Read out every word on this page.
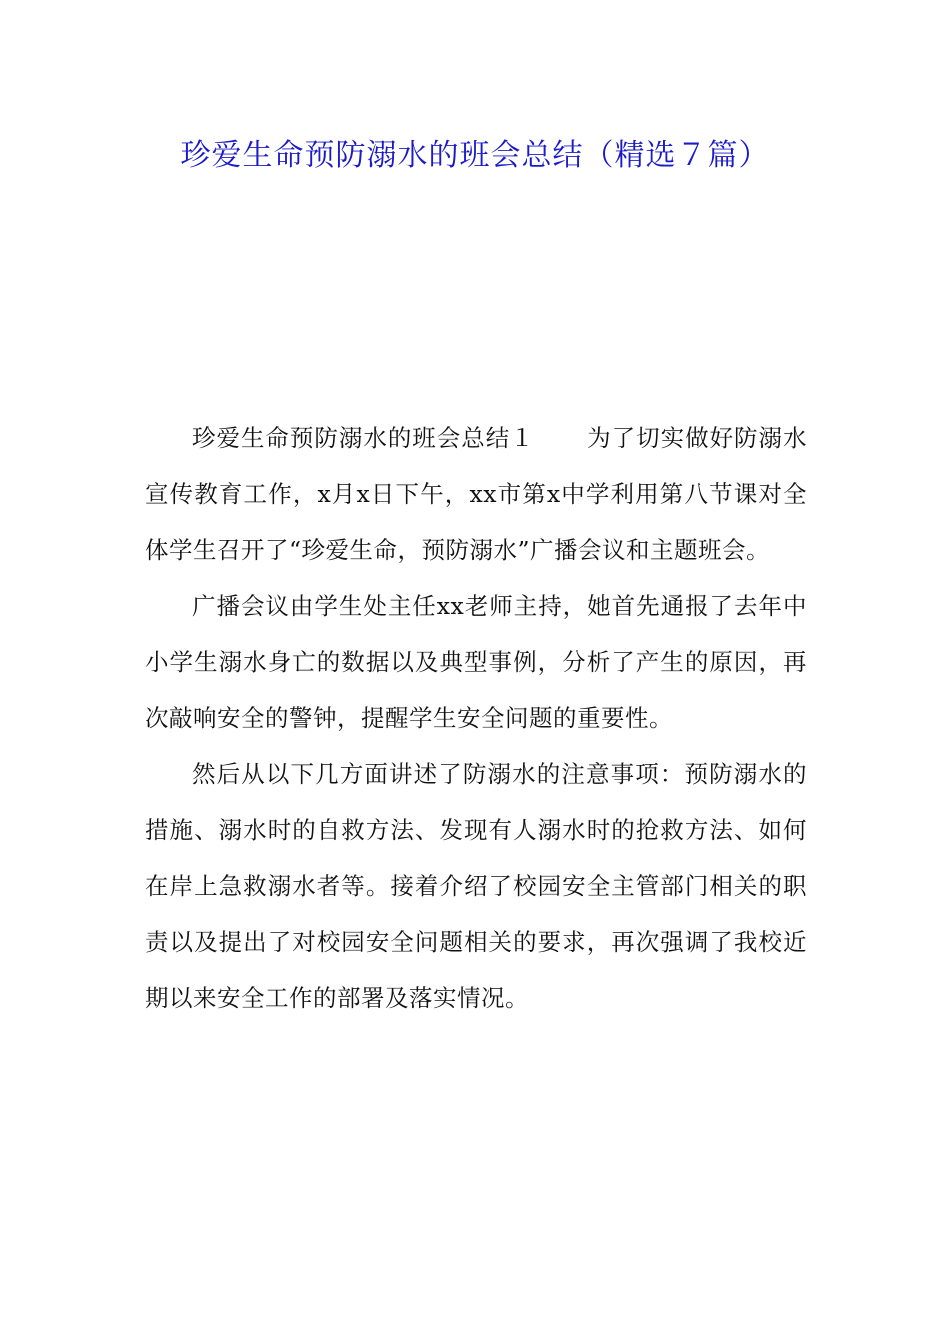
珍爱生命预防溺水的班会总结（精选７篇）

珍爱生命预防溺水的班会总结１ 为了切实做好防溺水宣传教育工作，x月x日下午，xx市第x中学利用第八节课对全体学生召开了“珍爱生命，预防溺水”广播会议和主题班会。

广播会议由学生处主任xx老师主持，她首先通报了去年中小学生溺水身亡的数据以及典型事例，分析了产生的原因，再次敲响安全的警钟，提醒学生安全问题的重要性。

然后从以下几方面讲述了防溺水的注意事项：预防溺水的措施、溺水时的自救方法、发现有人溺水时的抢救方法、如何在岸上急救溺水者等。接着介绍了校园安全主管部门相关的职责以及提出了对校园安全问题相关的要求，再次强调了我校近期以来安全工作的部署及落实情况。
